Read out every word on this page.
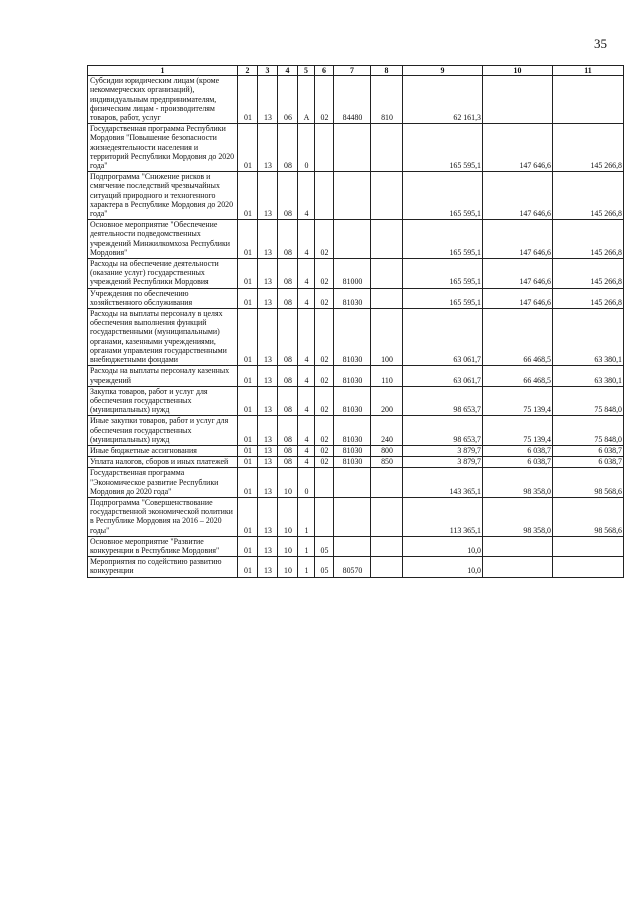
35
1	2	3	4	5	6	7	8	9	10	11
Субсидии юридическим лицам (кроме некоммерческих организаций), индивидуальным предпринимателям, физическим лицам - производителям товаров, работ, услуг	01	13	06	А	02	84480	810	62 161,3		
Государственная программа Республики Мордовия "Повышение безопасности жизнедеятельности населения и территорий Республики Мордовия до 2020 года"	01	13	08	0				165 595,1	147 646,6	145 266,8
Подпрограмма "Снижение рисков и смягчение последствий чрезвычайных ситуаций природного и техногенного характера в Республике Мордовия до 2020 года"	01	13	08	4				165 595,1	147 646,6	145 266,8
Основное мероприятие "Обеспечение деятельности подведомственных учреждений Минжилкомхоза Республики Мордовия"	01	13	08	4	02			165 595,1	147 646,6	145 266,8
Расходы на обеспечение деятельности (оказание услуг) государственных учреждений Республики Мордовия	01	13	08	4	02	81000		165 595,1	147 646,6	145 266,8
Учреждения по обеспечению хозяйственного обслуживания	01	13	08	4	02	81030		165 595,1	147 646,6	145 266,8
Расходы на выплаты персоналу в целях обеспечения выполнения функций государственными (муниципальными) органами, казенными учреждениями, органами управления государственными внебюджетными фондами	01	13	08	4	02	81030	100	63 061,7	66 468,5	63 380,1
Расходы на выплаты персоналу казенных учреждений	01	13	08	4	02	81030	110	63 061,7	66 468,5	63 380,1
Закупка товаров, работ и услуг для обеспечения государственных (муниципальных) нужд	01	13	08	4	02	81030	200	98 653,7	75 139,4	75 848,0
Иные закупки товаров, работ и услуг для обеспечения государственных (муниципальных) нужд	01	13	08	4	02	81030	240	98 653,7	75 139,4	75 848,0
Иные бюджетные ассигнования	01	13	08	4	02	81030	800	3 879,7	6 038,7	6 038,7
Уплата налогов, сборов и иных платежей	01	13	08	4	02	81030	850	3 879,7	6 038,7	6 038,7
Государственная программа "Экономическое развитие Республики Мордовия до 2020 года"	01	13	10	0				143 365,1	98 358,0	98 568,6
Подпрограмма "Совершенствование государственной экономической политики в Республике Мордовия на 2016 – 2020 годы"	01	13	10	1				113 365,1	98 358,0	98 568,6
Основное мероприятие "Развитие конкуренции в Республике Мордовия"	01	13	10	1	05			10,0		
Мероприятия по содействию развитию конкуренции	01	13	10	1	05	80570		10,0		
